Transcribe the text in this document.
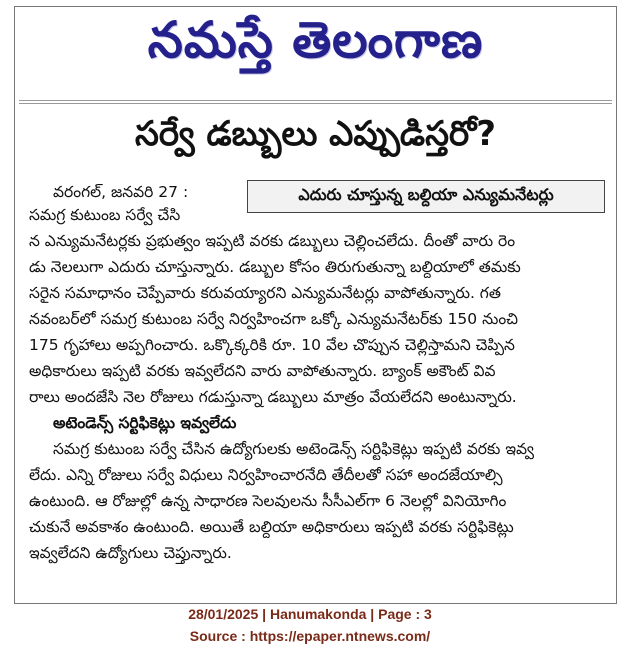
నమస్తే తెలంగాణ
సర్వే డబ్బులు ఎప్పుడిస్తరో?
వరంగల్, జనవరి 27 :	ఎదురు చూస్తున్న బల్దియా ఎన్యుమనేటర్లు
సమగ్ర కుటుంబ సర్వే చేసి
న ఎన్యుమనేటర్లకు ప్రభుత్వం ఇప్పటి వరకు డబ్బులు చెల్లించలేదు. దీంతో వారు రెం
డు నెలలుగా ఎదురు చూస్తున్నారు. డబ్బుల కోసం తిరుగుతున్నా బల్దియాలో తమకు
సరైన సమాధానం చెప్పేవారు కరువయ్యారని ఎన్యుమనేటర్లు వాపోతున్నారు. గత
నవంబర్‌లో సమగ్ర కుటుంబ సర్వే నిర్వహించగా ఒక్కో ఎన్యుమనేటర్‌కు 150 నుంచి
175 గృహాలు అప్పగించారు. ఒక్కొక్కరికి రూ. 10 వేల చొప్పున చెల్లిస్తామని చెప్పిన
అధికారులు ఇప్పటి వరకు ఇవ్వలేదని వారు వాపోతున్నారు. బ్యాంక్ అకౌంట్ వివ
రాలు అందజేసి నెల రోజులు గడుస్తున్నా డబ్బులు మాత్రం వేయలేదని అంటున్నారు.
అటెండెన్స్ సర్టిఫికెట్లు ఇవ్వలేదు
సమగ్ర కుటుంబ సర్వే చేసిన ఉద్యోగులకు అటెండెన్స్ సర్టిఫికెట్లు ఇప్పటి వరకు ఇవ్వ
లేదు. ఎన్ని రోజులు సర్వే విధులు నిర్వహించారనేది తేదీలతో సహా అందజేయాల్సి
ఉంటుంది. ఆ రోజుల్లో ఉన్న సాధారణ సెలవులను సీసీఎల్‌గా 6 నెలల్లో వినియోగిం
చుకునే అవకాశం ఉంటుంది. అయితే బల్దియా అధికారులు ఇప్పటి వరకు సర్టిఫికెట్లు
ఇవ్వలేదని ఉద్యోగులు చెప్తున్నారు.
28/01/2025 | Hanumakonda | Page : 3
Source : https://epaper.ntnews.com/
